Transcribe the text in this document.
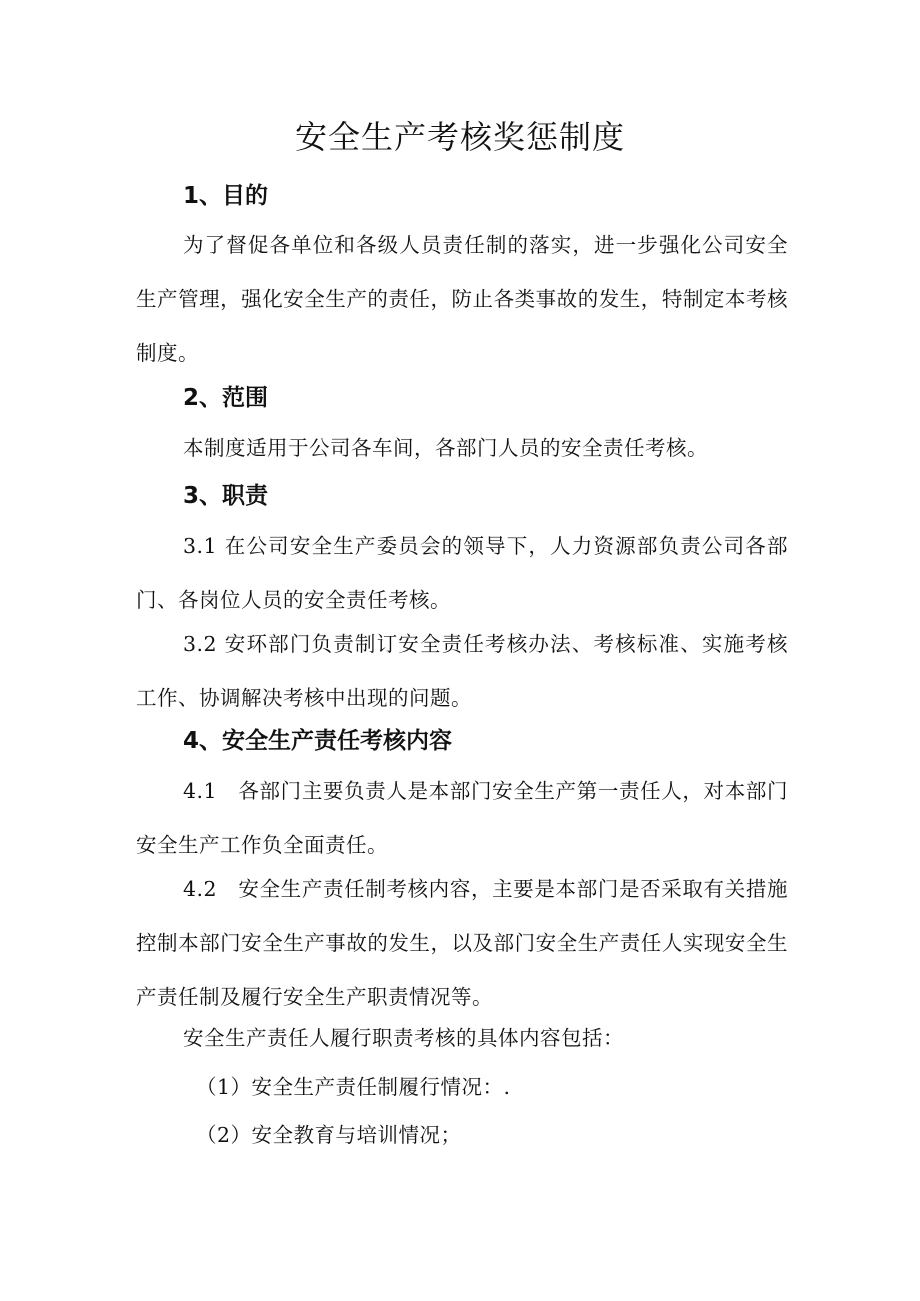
安全生产考核奖惩制度
1、目的
为了督促各单位和各级人员责任制的落实，进一步强化公司安全生产管理，强化安全生产的责任，防止各类事故的发生，特制定本考核制度。
2、范围
本制度适用于公司各车间，各部门人员的安全责任考核。
3、职责
3.1 在公司安全生产委员会的领导下，人力资源部负责公司各部门、各岗位人员的安全责任考核。
3.2 安环部门负责制订安全责任考核办法、考核标准、实施考核工作、协调解决考核中出现的问题。
4、安全生产责任考核内容
4.1　各部门主要负责人是本部门安全生产第一责任人，对本部门安全生产工作负全面责任。
4.2　安全生产责任制考核内容，主要是本部门是否采取有关措施控制本部门安全生产事故的发生，以及部门安全生产责任人实现安全生产责任制及履行安全生产职责情况等。
安全生产责任人履行职责考核的具体内容包括：
（1）安全生产责任制履行情况：.
（2）安全教育与培训情况；
